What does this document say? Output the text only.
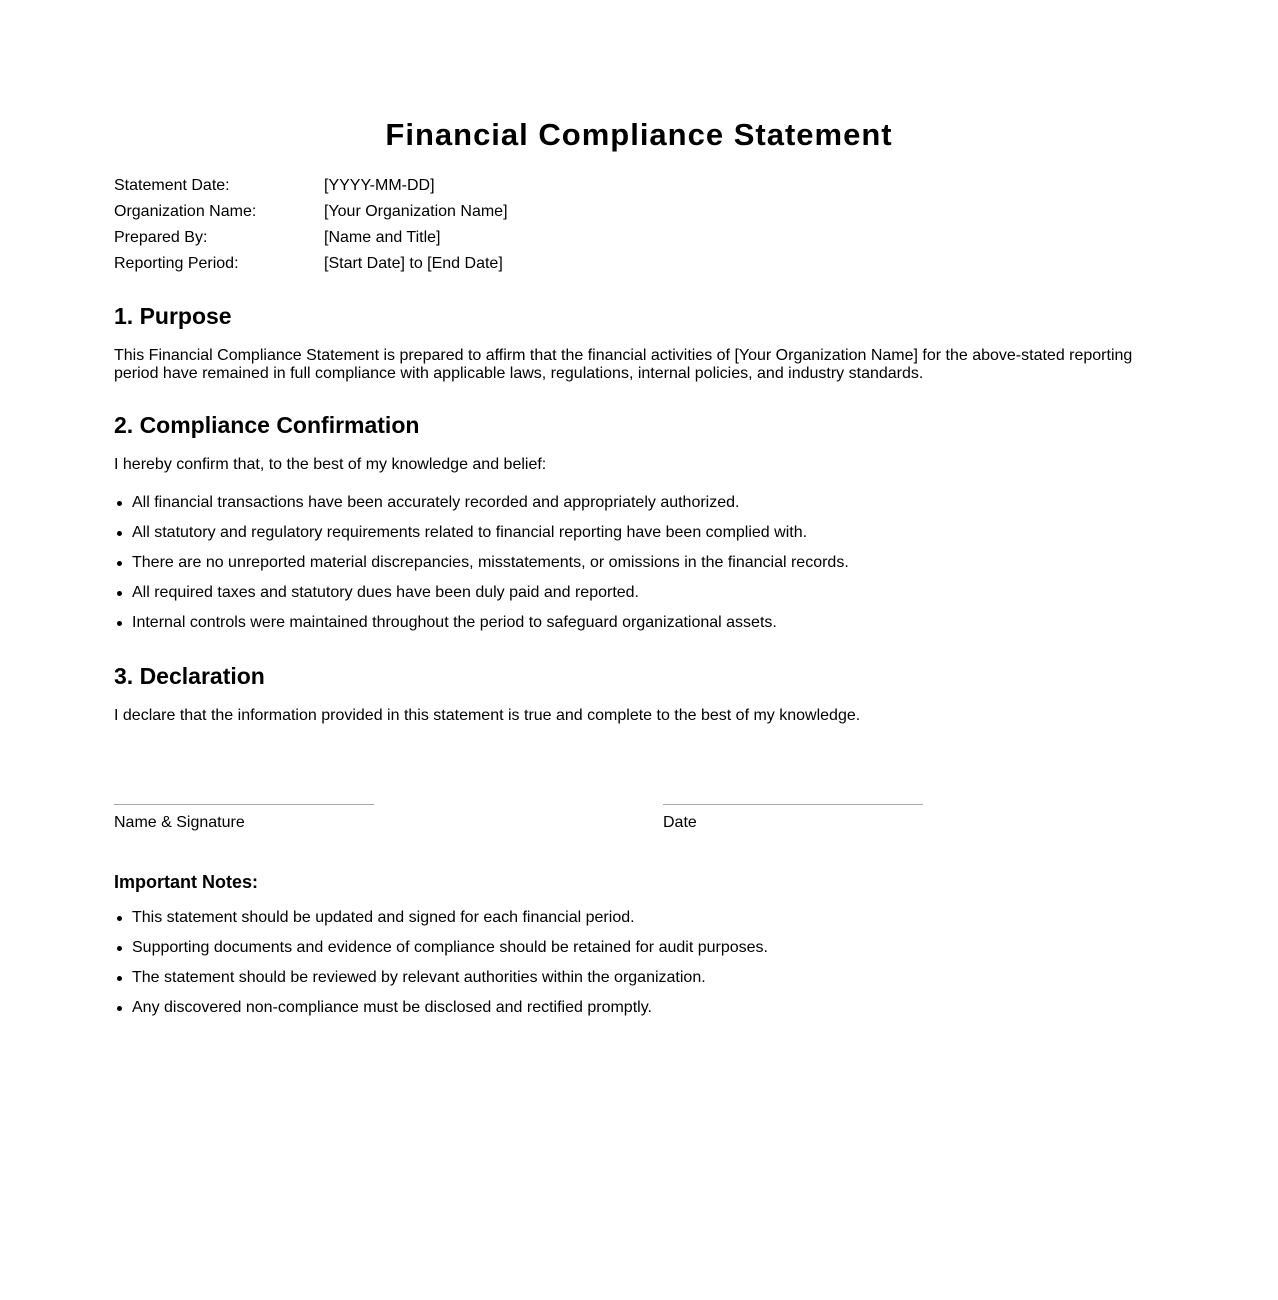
Financial Compliance Statement
Statement Date:	[YYYY-MM-DD]
Organization Name:	[Your Organization Name]
Prepared By:	[Name and Title]
Reporting Period:	[Start Date] to [End Date]
1. Purpose

This Financial Compliance Statement is prepared to affirm that the financial activities of [Your Organization Name] for the above-stated reporting period have remained in full compliance with applicable laws, regulations, internal policies, and industry standards.

2. Compliance Confirmation

I hereby confirm that, to the best of my knowledge and belief:

All financial transactions have been accurately recorded and appropriately authorized.
All statutory and regulatory requirements related to financial reporting have been complied with.
There are no unreported material discrepancies, misstatements, or omissions in the financial records.
All required taxes and statutory dues have been duly paid and reported.
Internal controls were maintained throughout the period to safeguard organizational assets.
3. Declaration

I declare that the information provided in this statement is true and complete to the best of my knowledge.

Name & Signature	Date
Important Notes:
This statement should be updated and signed for each financial period.
Supporting documents and evidence of compliance should be retained for audit purposes.
The statement should be reviewed by relevant authorities within the organization.
Any discovered non-compliance must be disclosed and rectified promptly.
